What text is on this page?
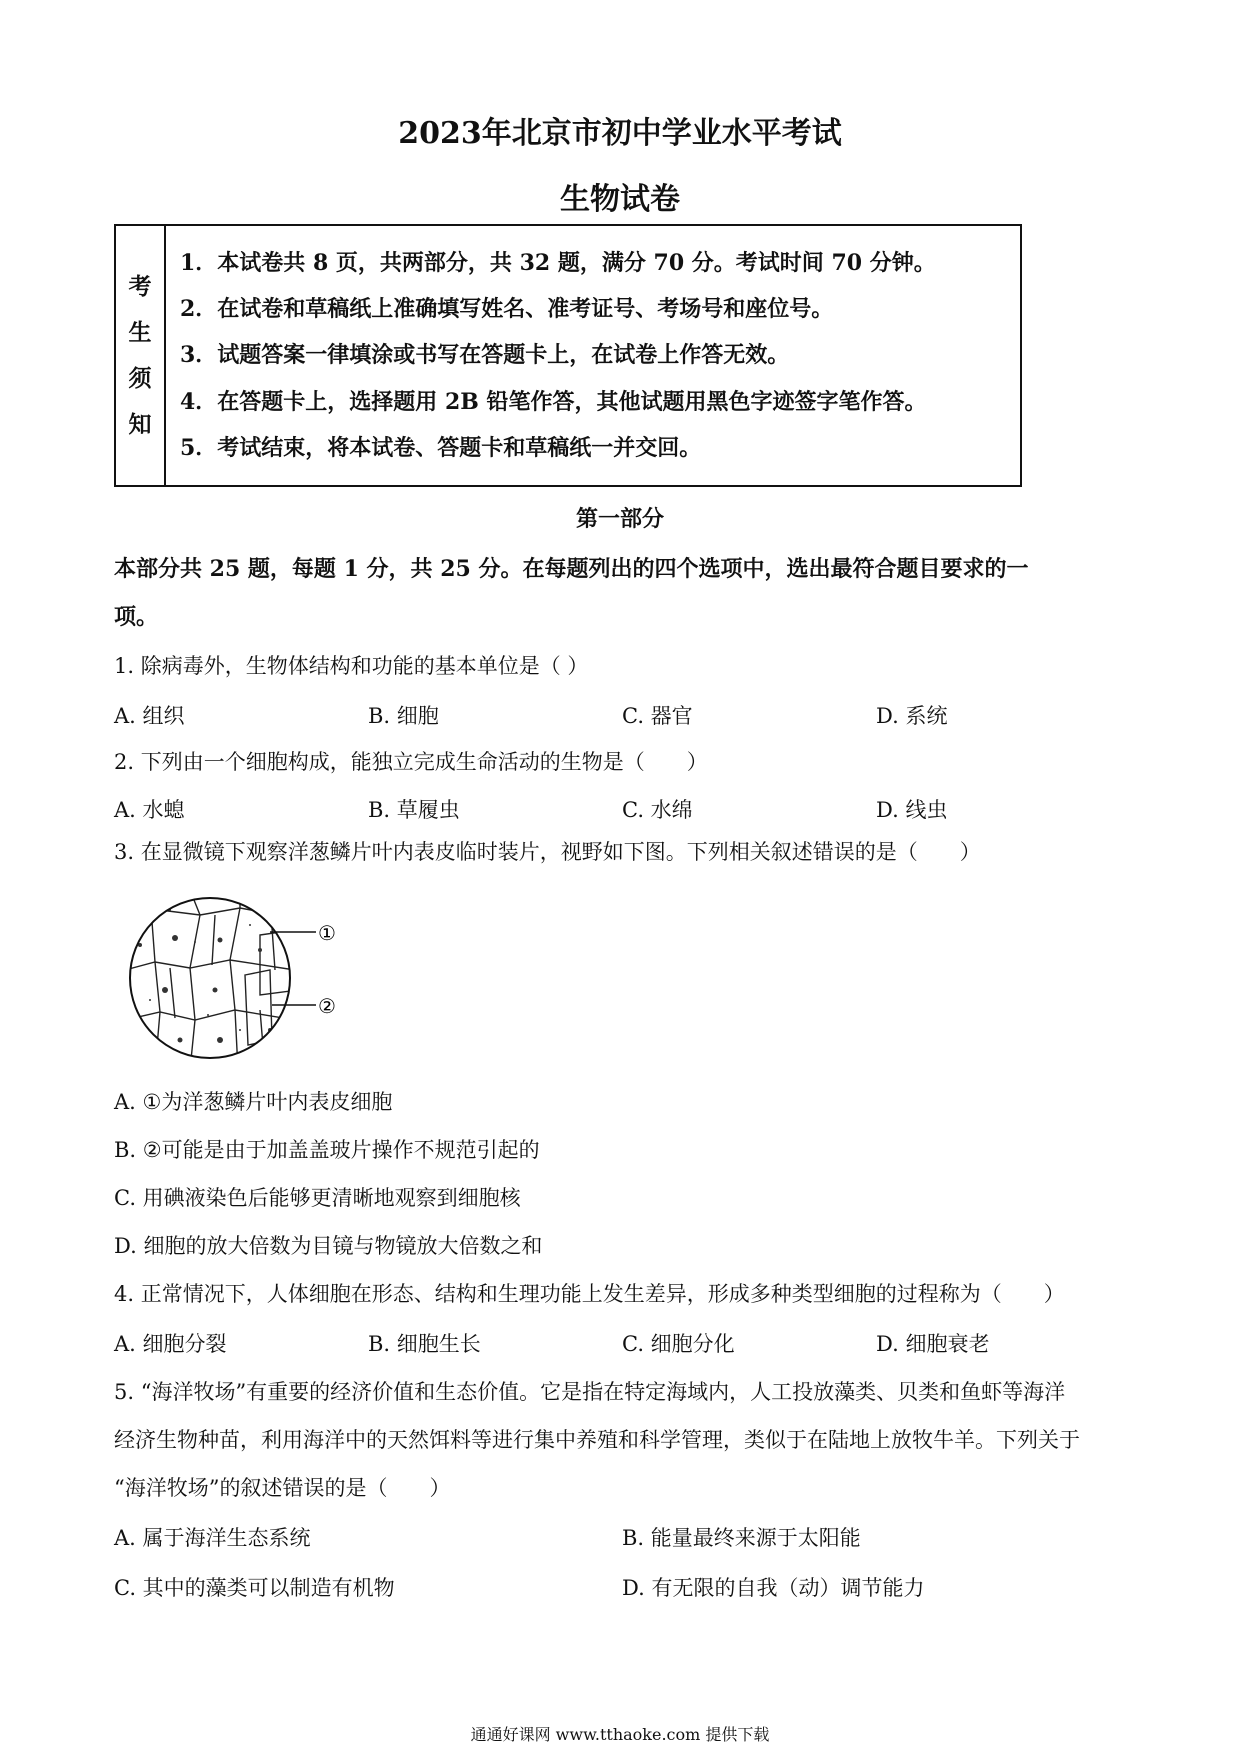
2023年北京市初中学业水平考试
生物试卷
考
生
须
知
1．本试卷共 8 页，共两部分，共 32 题，满分 70 分。考试时间 70 分钟。
2．在试卷和草稿纸上准确填写姓名、准考证号、考场号和座位号。
3．试题答案一律填涂或书写在答题卡上，在试卷上作答无效。
4．在答题卡上，选择题用 2B 铅笔作答，其他试题用黑色字迹签字笔作答。
5．考试结束，将本试卷、答题卡和草稿纸一并交回。
第一部分
本部分共 25 题，每题 1 分，共 25 分。在每题列出的四个选项中，选出最符合题目要求的一
项。
1. 除病毒外，生物体结构和功能的基本单位是（ ）
A. 组织	B. 细胞	C. 器官	D. 系统
2. 下列由一个细胞构成，能独立完成生命活动的生物是（　　）
A. 水螅	B. 草履虫	C. 水绵	D. 线虫
3. 在显微镜下观察洋葱鳞片叶内表皮临时装片，视野如下图。下列相关叙述错误的是（　　）
①
②
A. ①为洋葱鳞片叶内表皮细胞
B. ②可能是由于加盖盖玻片操作不规范引起的
C. 用碘液染色后能够更清晰地观察到细胞核
D. 细胞的放大倍数为目镜与物镜放大倍数之和
4. 正常情况下，人体细胞在形态、结构和生理功能上发生差异，形成多种类型细胞的过程称为（　　）
A. 细胞分裂	B. 细胞生长	C. 细胞分化	D. 细胞衰老
5. “海洋牧场”有重要的经济价值和生态价值。它是指在特定海域内，人工投放藻类、贝类和鱼虾等海洋
经济生物种苗，利用海洋中的天然饵料等进行集中养殖和科学管理，类似于在陆地上放牧牛羊。下列关于
“海洋牧场”的叙述错误的是（　　）
A. 属于海洋生态系统	B. 能量最终来源于太阳能
C. 其中的藻类可以制造有机物	D. 有无限的自我（动）调节能力
通通好课网 www.tthaoke.com 提供下载
